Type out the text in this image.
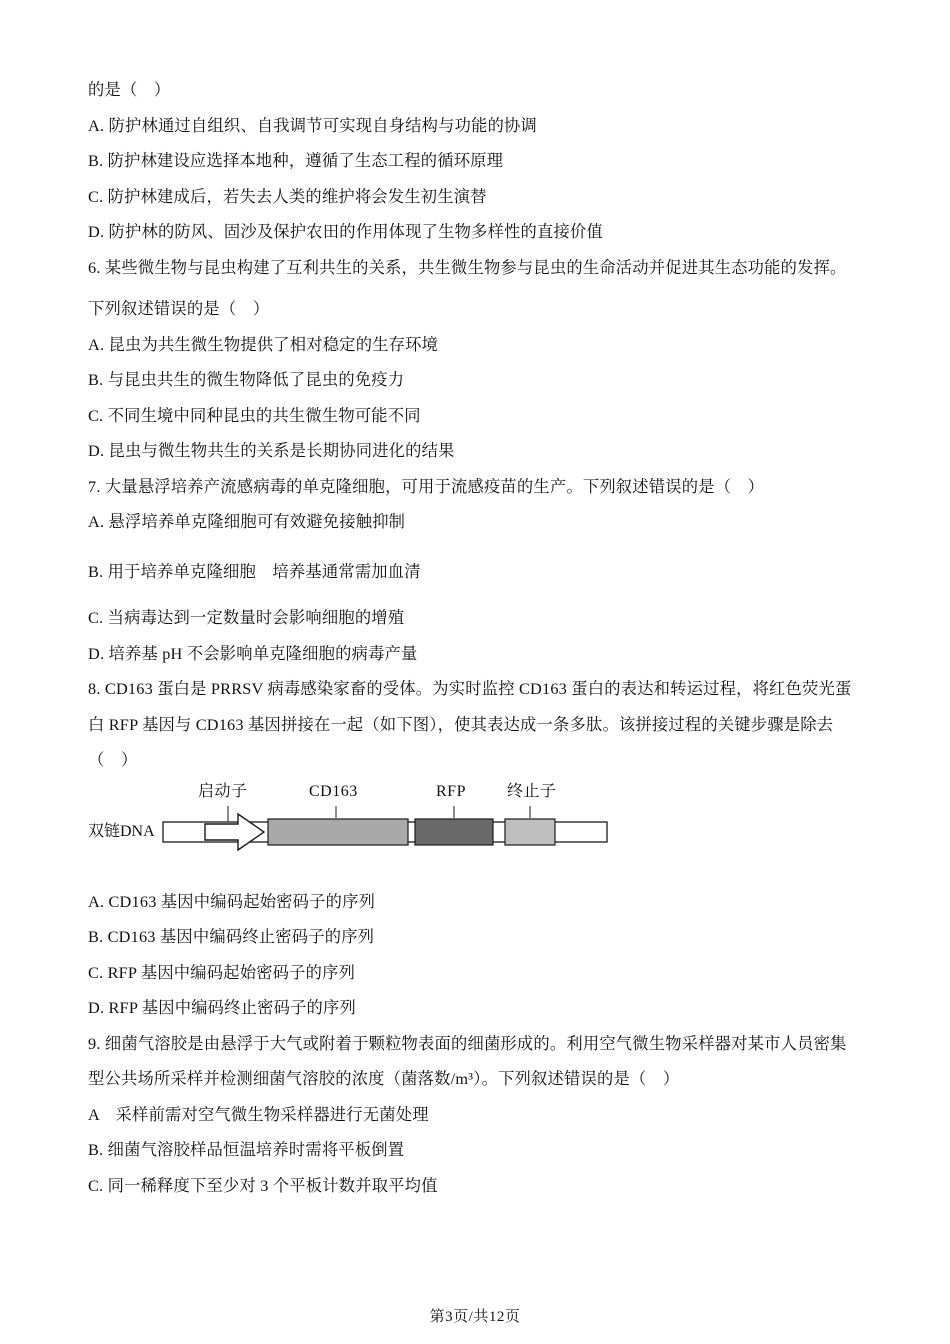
的是（　）

A. 防护林通过自组织、自我调节可实现自身结构与功能的协调

B. 防护林建设应选择本地种，遵循了生态工程的循环原理

C. 防护林建成后，若失去人类的维护将会发生初生演替

D. 防护林的防风、固沙及保护农田的作用体现了生物多样性的直接价值

6. 某些微生物与昆虫构建了互利共生的关系，共生微生物参与昆虫的生命活动并促进其生态功能的发挥。

下列叙述错误的是（　）

A. 昆虫为共生微生物提供了相对稳定的生存环境

B. 与昆虫共生的微生物降低了昆虫的免疫力

C. 不同生境中同种昆虫的共生微生物可能不同

D. 昆虫与微生物共生的关系是长期协同进化的结果

7. 大量悬浮培养产流感病毒的单克隆细胞，可用于流感疫苗的生产。下列叙述错误的是（　）

A. 悬浮培养单克隆细胞可有效避免接触抑制

B. 用于培养单克隆细胞　培养基通常需加血清

C. 当病毒达到一定数量时会影响细胞的增殖

D. 培养基 pH 不会影响单克隆细胞的病毒产量

8. CD163 蛋白是 PRRSV 病毒感染家畜的受体。为实时监控 CD163 蛋白的表达和转运过程，将红色荧光蛋

白 RFP 基因与 CD163 基因拼接在一起（如下图），使其表达成一条多肽。该拼接过程的关键步骤是除去

（　）

启动子	CD163	RFP	终止子
双链DNA

A. CD163 基因中编码起始密码子的序列

B. CD163 基因中编码终止密码子的序列

C. RFP 基因中编码起始密码子的序列

D. RFP 基因中编码终止密码子的序列

9. 细菌气溶胶是由悬浮于大气或附着于颗粒物表面的细菌形成的。利用空气微生物采样器对某市人员密集

型公共场所采样并检测细菌气溶胶的浓度（菌落数/m³）。下列叙述错误的是（　）

A　采样前需对空气微生物采样器进行无菌处理

B. 细菌气溶胶样品恒温培养时需将平板倒置

C. 同一稀释度下至少对 3 个平板计数并取平均值

第3页/共12页
